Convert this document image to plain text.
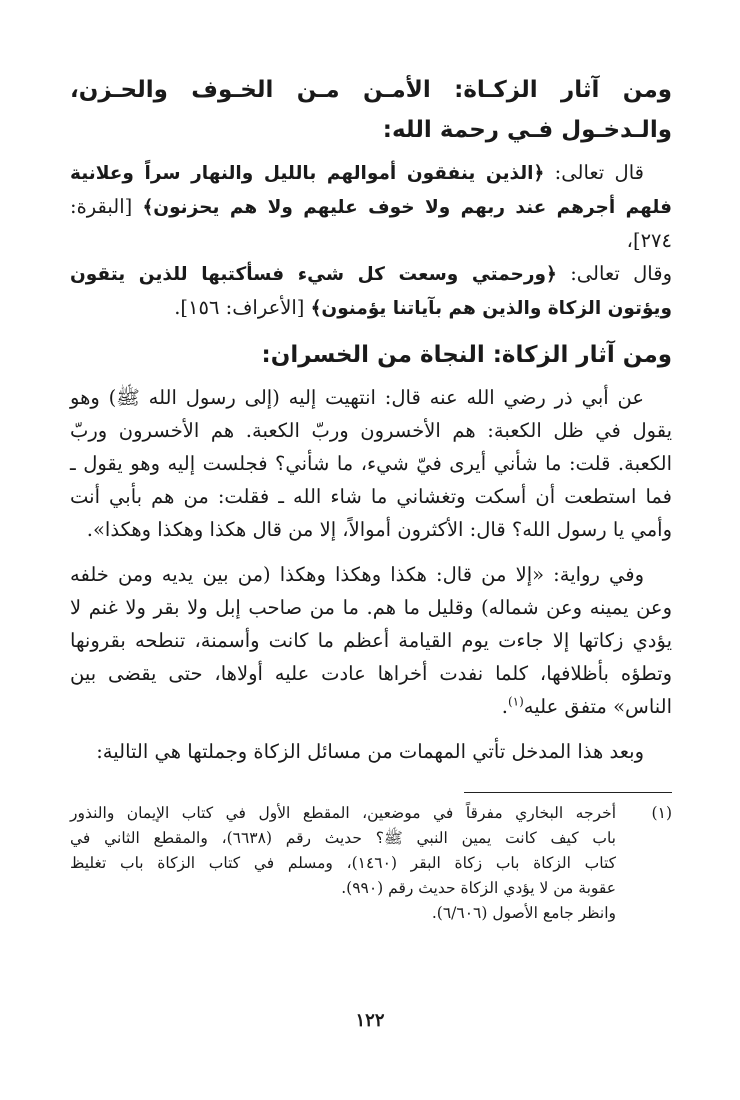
ومن آثار الزكـاة: الأمـن مـن الخـوف والحـزن، والـدخـول فـي رحمة الله:

قال تعالى: ﴿الذين ينفقون أموالهم بالليل والنهار سراً وعلانية فلهم أجرهم عند ربهم ولا خوف عليهم ولا هم يحزنون﴾ [البقرة: ٢٧٤]،

وقال تعالى: ﴿ورحمتي وسعت كل شيء فسأكتبها للذين يتقون ويؤتون الزكاة والذين هم بآياتنا يؤمنون﴾ [الأعراف: ١٥٦].

ومن آثار الزكاة: النجاة من الخسران:

عن أبي ذر رضي الله عنه قال: انتهيت إليه (إلى رسول الله ﷺ) وهو يقول في ظل الكعبة: هم الأخسرون وربّ الكعبة. هم الأخسرون وربّ الكعبة. قلت: ما شأني أيرى فيّ شيء، ما شأني؟ فجلست إليه وهو يقول ـ فما استطعت أن أسكت وتغشاني ما شاء الله ـ فقلت: من هم بأبي أنت وأمي يا رسول الله؟ قال: الأكثرون أموالاً، إلا من قال هكذا وهكذا وهكذا».

وفي رواية: «إلا من قال: هكذا وهكذا وهكذا (من بين يديه ومن خلفه وعن يمينه وعن شماله) وقليل ما هم. ما من صاحب إبل ولا بقر ولا غنم لا يؤدي زكاتها إلا جاءت يوم القيامة أعظم ما كانت وأسمنة، تنطحه بقرونها وتطؤه بأظلافها، كلما نفدت أخراها عادت عليه أولاها، حتى يقضى بين الناس» متفق عليه$^{(١)}$.

وبعد هذا المدخل تأتي المهمات من مسائل الزكاة وجملتها هي التالية:

(١)
أخرجه البخاري مفرقاً في موضعين، المقطع الأول في كتاب الإيمان والنذور
باب كيف كانت يمين النبي ﷺ؟ حديث رقم (٦٦٣٨)، والمقطع الثاني في
كتاب الزكاة باب زكاة البقر (١٤٦٠)، ومسلم في كتاب الزكاة باب تغليظ
عقوبة من لا يؤدي الزكاة حديث رقم (٩٩٠).
وانظر جامع الأصول (٦/٦٠٦).
١٢٢
